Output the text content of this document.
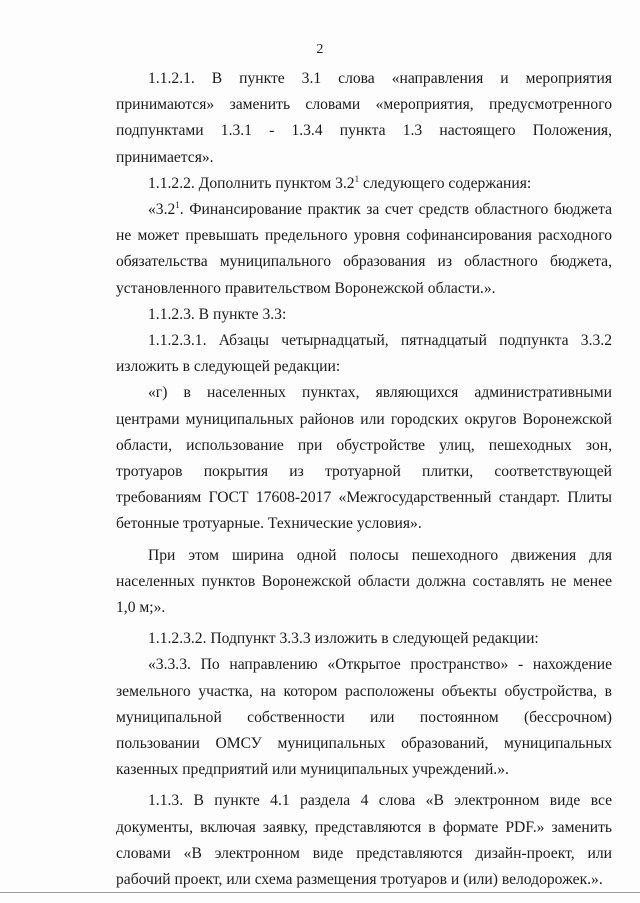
2

1.1.2.1. В пункте 3.1 слова «направления и мероприятия принимаются» заменить словами «мероприятия, предусмотренного подпунктами 1.3.1 - 1.3.4 пункта 1.3 настоящего Положения, принимается».

1.1.2.2. Дополнить пунктом $3.2^1$ следующего содержания:

«$3.2^1$. Финансирование практик за счет средств областного бюджета не может превышать предельного уровня софинансирования расходного обязательства муниципального образования из областного бюджета, установленного правительством Воронежской области.».

1.1.2.3. В пункте 3.3:

1.1.2.3.1. Абзацы четырнадцатый, пятнадцатый подпункта 3.3.2 изложить в следующей редакции:

«г) в населенных пунктах, являющихся административными центрами муниципальных районов или городских округов Воронежской области, использование при обустройстве улиц, пешеходных зон, тротуаров покрытия из тротуарной плитки, соответствующей требованиям ГОСТ 17608-2017 «Межгосударственный стандарт. Плиты бетонные тротуарные. Технические условия».

При этом ширина одной полосы пешеходного движения для населенных пунктов Воронежской области должна составлять не менее 1,0 м;».

1.1.2.3.2. Подпункт 3.3.3 изложить в следующей редакции:

«3.3.3. По направлению «Открытое пространство» - нахождение земельного участка, на котором расположены объекты обустройства, в муниципальной собственности или постоянном (бессрочном) пользовании ОМСУ муниципальных образований, муниципальных казенных предприятий или муниципальных учреждений.».

1.1.3. В пункте 4.1 раздела 4 слова «В электронном виде все документы, включая заявку, представляются в формате PDF.» заменить словами «В электронном виде представляются дизайн-проект, или рабочий проект, или схема размещения тротуаров и (или) велодорожек.».
